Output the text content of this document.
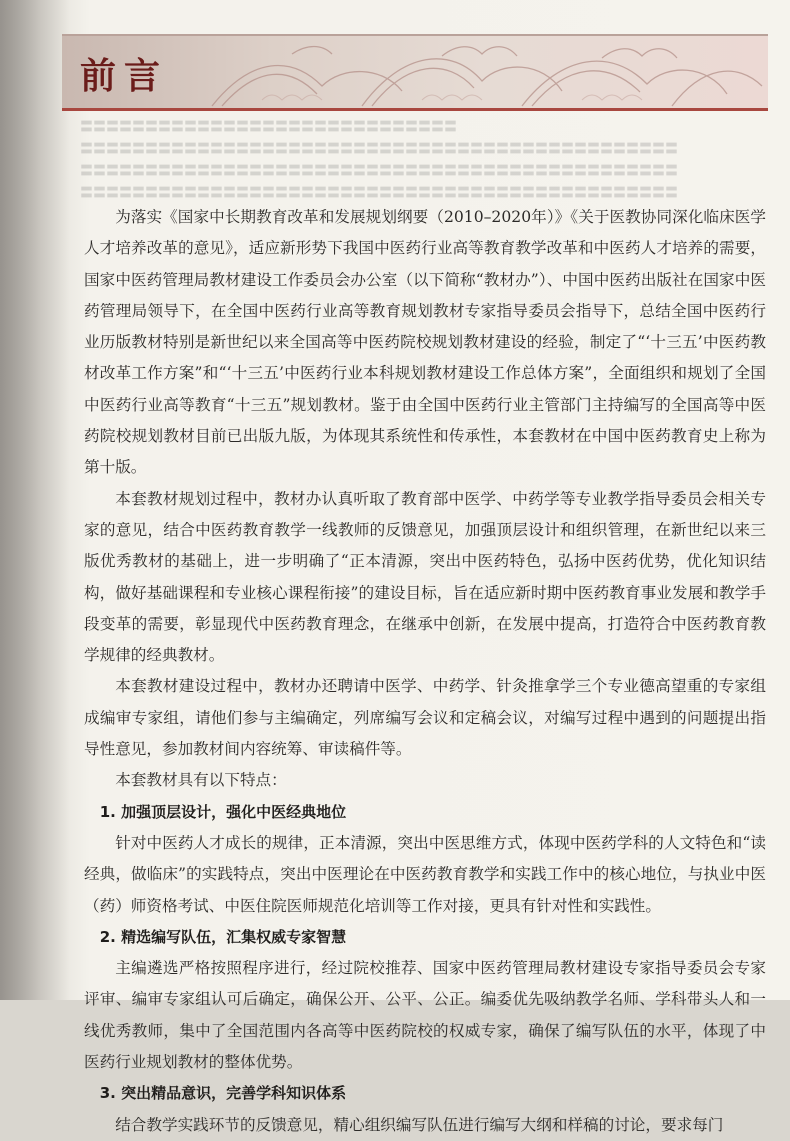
前言
〓〓〓〓〓〓〓〓〓〓〓〓〓〓〓〓〓〓〓〓〓〓〓〓〓〓〓〓〓〓〓〓〓〓〓〓〓〓〓〓〓〓〓〓〓〓
〓〓〓〓〓〓〓〓〓〓〓〓〓〓〓〓〓〓〓〓〓〓〓〓〓〓〓〓〓〓〓〓〓〓〓〓〓〓〓〓〓〓〓〓〓〓
〓〓〓〓〓〓〓〓〓〓〓〓〓〓〓〓〓〓〓〓〓〓〓〓〓〓〓〓〓〓〓〓〓〓〓〓〓〓〓〓〓〓〓〓〓〓
〓〓〓〓〓〓〓〓〓〓〓〓〓〓〓〓〓〓〓〓〓〓〓〓〓〓〓〓〓

为落实《国家中长期教育改革和发展规划纲要（2010–2020年）》《关于医教协同深化临床医学人才培养改革的意见》，适应新形势下我国中医药行业高等教育教学改革和中医药人才培养的需要，国家中医药管理局教材建设工作委员会办公室（以下简称“教材办”）、中国中医药出版社在国家中医药管理局领导下，在全国中医药行业高等教育规划教材专家指导委员会指导下，总结全国中医药行业历版教材特别是新世纪以来全国高等中医药院校规划教材建设的经验，制定了“‘十三五’中医药教材改革工作方案”和“‘十三五’中医药行业本科规划教材建设工作总体方案”，全面组织和规划了全国中医药行业高等教育“十三五”规划教材。鉴于由全国中医药行业主管部门主持编写的全国高等中医药院校规划教材目前已出版九版，为体现其系统性和传承性，本套教材在中国中医药教育史上称为第十版。

本套教材规划过程中，教材办认真听取了教育部中医学、中药学等专业教学指导委员会相关专家的意见，结合中医药教育教学一线教师的反馈意见，加强顶层设计和组织管理，在新世纪以来三版优秀教材的基础上，进一步明确了“正本清源，突出中医药特色，弘扬中医药优势，优化知识结构，做好基础课程和专业核心课程衔接”的建设目标，旨在适应新时期中医药教育事业发展和教学手段变革的需要，彰显现代中医药教育理念，在继承中创新，在发展中提高，打造符合中医药教育教学规律的经典教材。

本套教材建设过程中，教材办还聘请中医学、中药学、针灸推拿学三个专业德高望重的专家组成编审专家组，请他们参与主编确定，列席编写会议和定稿会议，对编写过程中遇到的问题提出指导性意见，参加教材间内容统筹、审读稿件等。

本套教材具有以下特点：

1. 加强顶层设计，强化中医经典地位

针对中医药人才成长的规律，正本清源，突出中医思维方式，体现中医药学科的人文特色和“读经典，做临床”的实践特点，突出中医理论在中医药教育教学和实践工作中的核心地位，与执业中医（药）师资格考试、中医住院医师规范化培训等工作对接，更具有针对性和实践性。

2. 精选编写队伍，汇集权威专家智慧

主编遴选严格按照程序进行，经过院校推荐、国家中医药管理局教材建设专家指导委员会专家评审、编审专家组认可后确定，确保公开、公平、公正。编委优先吸纳教学名师、学科带头人和一线优秀教师，集中了全国范围内各高等中医药院校的权威专家，确保了编写队伍的水平，体现了中医药行业规划教材的整体优势。

3. 突出精品意识，完善学科知识体系

结合教学实践环节的反馈意见，精心组织编写队伍进行编写大纲和样稿的讨论，要求每门
